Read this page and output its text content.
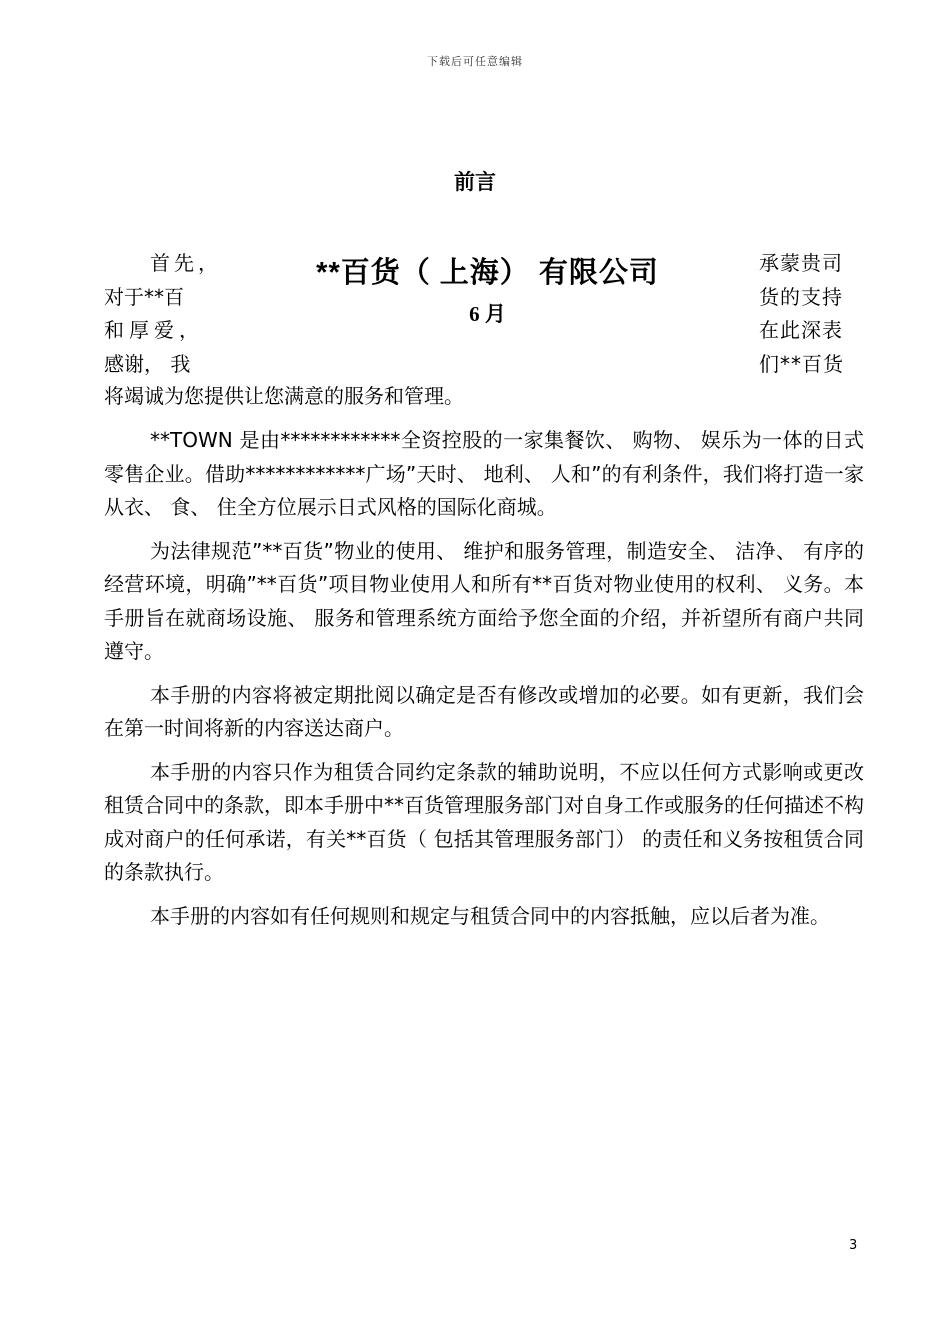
下载后可任意编辑
前言
首先，
对于**百
和厚爱，
感谢， 我
承蒙贵司
货的支持
在此深表
们**百货
**百货（ 上海） 有限公司
6 月
将竭诚为您提供让您满意的服务和管理。

**TOWN 是由************全资控股的一家集餐饮、 购物、 娱乐为一体的日式零售企业。借助************广场”天时、 地利、 人和”的有利条件，我们将打造一家从衣、 食、 住全方位展示日式风格的国际化商城。

为法律规范”**百货”物业的使用、 维护和服务管理，制造安全、 洁净、 有序的经营环境，明确”**百货”项目物业使用人和所有**百货对物业使用的权利、 义务。本手册旨在就商场设施、 服务和管理系统方面给予您全面的介绍，并祈望所有商户共同遵守。

本手册的内容将被定期批阅以确定是否有修改或增加的必要。如有更新，我们会在第一时间将新的内容送达商户。

本手册的内容只作为租赁合同约定条款的辅助说明，不应以任何方式影响或更改租赁合同中的条款，即本手册中**百货管理服务部门对自身工作或服务的任何描述不构成对商户的任何承诺，有关**百货（ 包括其管理服务部门） 的责任和义务按租赁合同的条款执行。

本手册的内容如有任何规则和规定与租赁合同中的内容抵触，应以后者为准。

3
